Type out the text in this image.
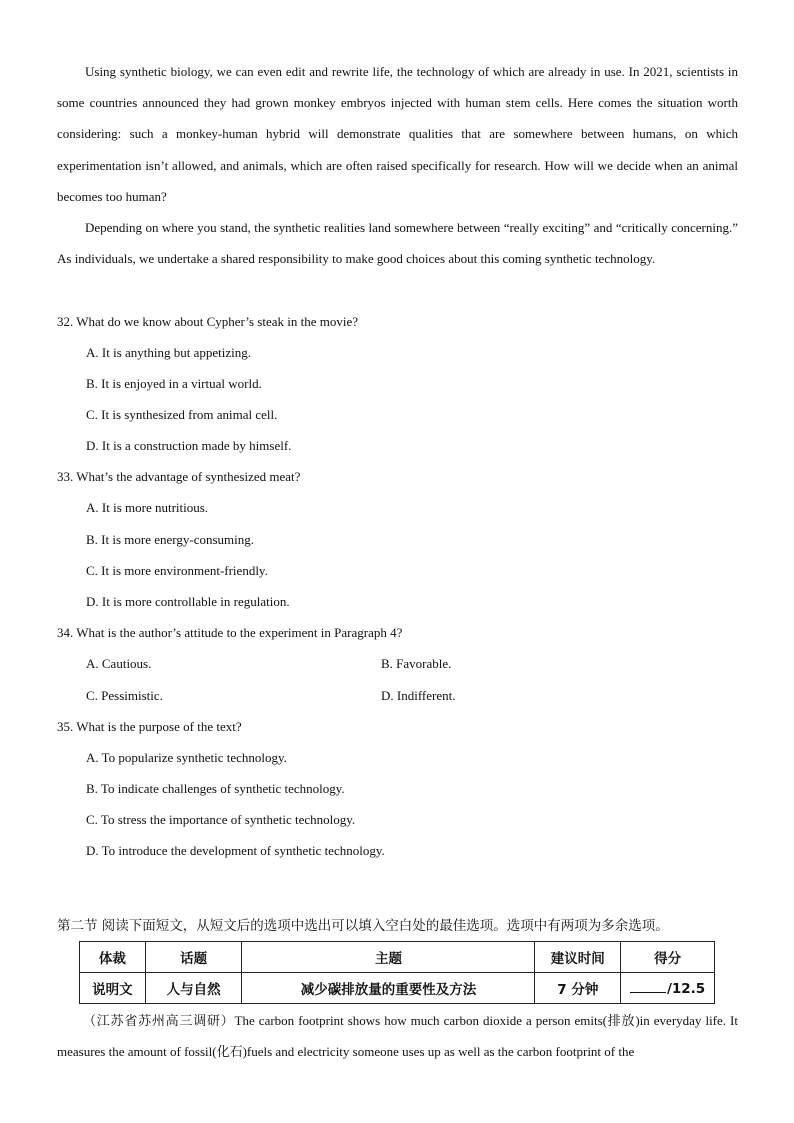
Using synthetic biology, we can even edit and rewrite life, the technology of which are already in use. In 2021, scientists in some countries announced they had grown monkey embryos injected with human stem cells. Here comes the situation worth considering: such a monkey-human hybrid will demonstrate qualities that are somewhere between humans, on which experimentation isn’t allowed, and animals, which are often raised specifically for research. How will we decide when an animal becomes too human?

Depending on where you stand, the synthetic realities land somewhere between “really exciting” and “critically concerning.” As individuals, we undertake a shared responsibility to make good choices about this coming synthetic technology.

32. What do we know about Cypher’s steak in the movie?

A. It is anything but appetizing.

B. It is enjoyed in a virtual world.

C. It is synthesized from animal cell.

D. It is a construction made by himself.

33. What’s the advantage of synthesized meat?

A. It is more nutritious.

B. It is more energy-consuming.

C. It is more environment-friendly.

D. It is more controllable in regulation.

34. What is the author’s attitude to the experiment in Paragraph 4?

A. Cautious.	B. Favorable.

C. Pessimistic.	D. Indifferent.

35. What is the purpose of the text?

A. To popularize synthetic technology.

B. To indicate challenges of synthetic technology.

C. To stress the importance of synthetic technology.

D. To introduce the development of synthetic technology.

第二节 阅读下面短文，从短文后的选项中选出可以填入空白处的最佳选项。选项中有两项为多余选项。
体裁	话题	主题	建议时间	得分
说明文	人与自然	减少碳排放量的重要性及方法	7 分钟	/12.5

（江苏省苏州高三调研）The carbon footprint shows how much carbon dioxide a person emits(排放)in everyday life. It measures the amount of fossil(化石)fuels and electricity someone uses up as well as the carbon footprint of the
